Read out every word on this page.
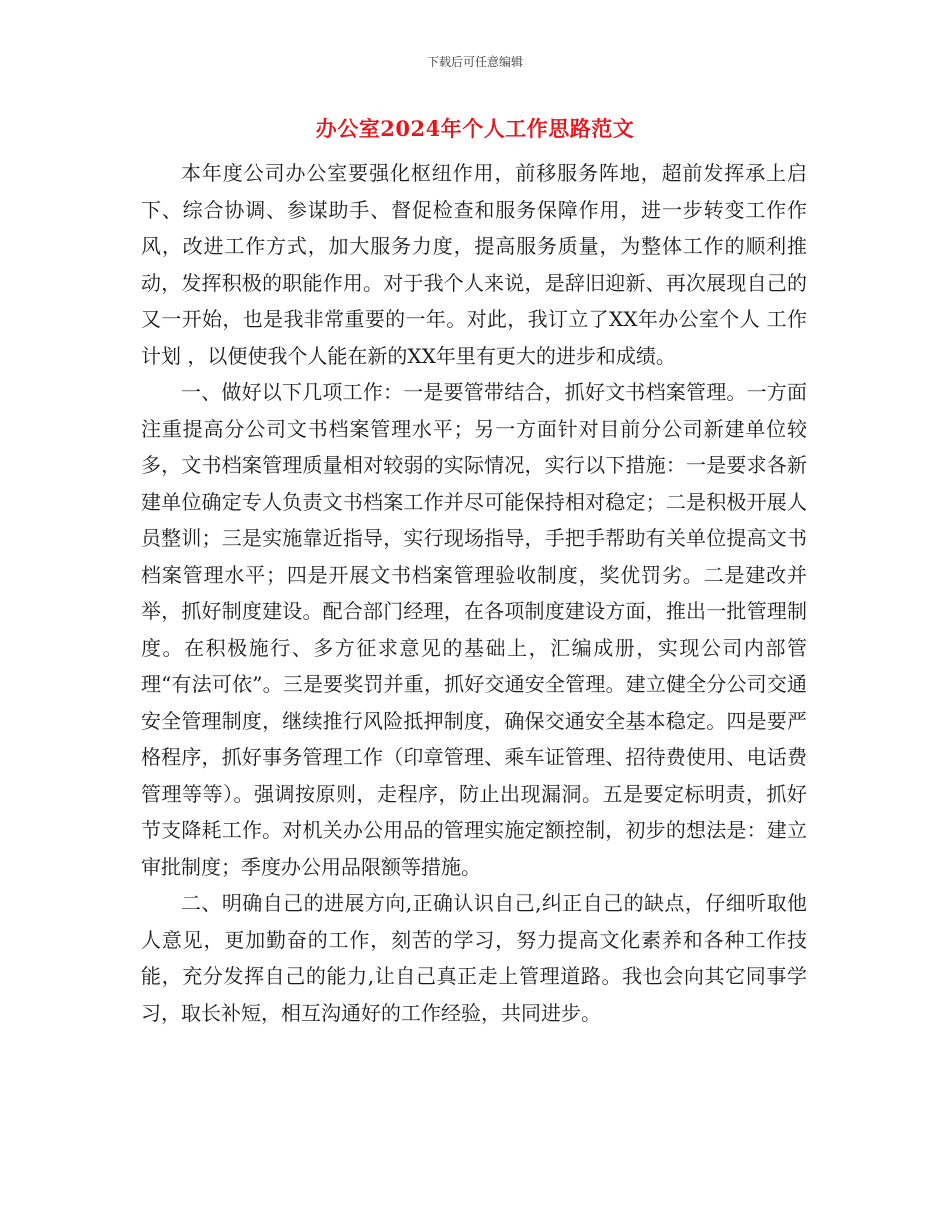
下载后可任意编辑
办公室2024年个人工作思路范文

本年度公司办公室要强化枢纽作用，前移服务阵地，超前发挥承上启下、综合协调、参谋助手、督促检查和服务保障作用，进一步转变工作作风，改进工作方式，加大服务力度，提高服务质量，为整体工作的顺利推动，发挥积极的职能作用。对于我个人来说，是辞旧迎新、再次展现自己的又一开始，也是我非常重要的一年。对此，我订立了XX年办公室个人 工作计划 ，以便使我个人能在新的XX年里有更大的进步和成绩。

一、做好以下几项工作：一是要管带结合，抓好文书档案管理。一方面注重提高分公司文书档案管理水平；另一方面针对目前分公司新建单位较多，文书档案管理质量相对较弱的实际情况，实行以下措施：一是要求各新建单位确定专人负责文书档案工作并尽可能保持相对稳定；二是积极开展人员整训；三是实施靠近指导，实行现场指导，手把手帮助有关单位提高文书档案管理水平；四是开展文书档案管理验收制度，奖优罚劣。二是建改并举，抓好制度建设。配合部门经理，在各项制度建设方面，推出一批管理制度。在积极施行、多方征求意见的基础上，汇编成册，实现公司内部管理“有法可依”。三是要奖罚并重，抓好交通安全管理。建立健全分公司交通安全管理制度，继续推行风险抵押制度，确保交通安全基本稳定。四是要严格程序，抓好事务管理工作（印章管理、乘车证管理、招待费使用、电话费管理等等）。强调按原则，走程序，防止出现漏洞。五是要定标明责，抓好节支降耗工作。对机关办公用品的管理实施定额控制，初步的想法是：建立审批制度；季度办公用品限额等措施。

二、明确自己的进展方向,正确认识自己,纠正自己的缺点，仔细听取他人意见，更加勤奋的工作，刻苦的学习，努力提高文化素养和各种工作技能，充分发挥自己的能力,让自己真正走上管理道路。我也会向其它同事学习，取长补短，相互沟通好的工作经验，共同进步。
